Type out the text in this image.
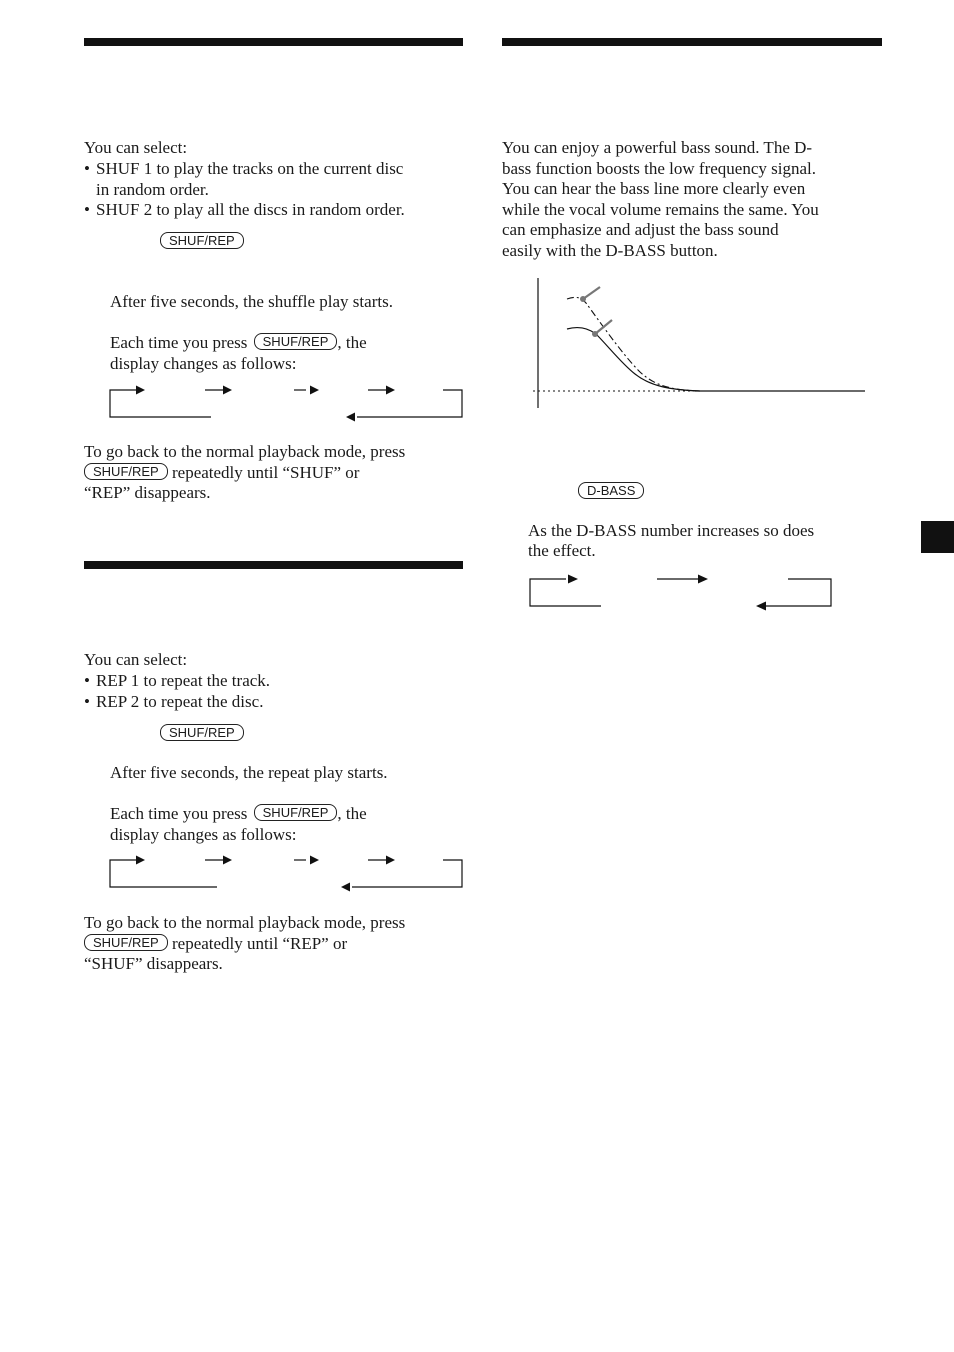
You can select:

• SHUF 1 to play the tracks on the current disc
in random order.
• SHUF 2 to play all the discs in random order.
SHUF/REP

After five seconds, the shuffle play starts.

Each time you press SHUF/REP , the

display changes as follows:

To go back to the normal playback mode, press

SHUF/REP repeatedly until “SHUF” or

“REP” disappears.

You can select:

• REP 1 to repeat the track.
• REP 2 to repeat the disc.
SHUF/REP

After five seconds, the repeat play starts.

Each time you press SHUF/REP , the

display changes as follows:

To go back to the normal playback mode, press

SHUF/REP repeatedly until “REP” or

“SHUF” disappears.

You can enjoy a powerful bass sound. The D-

bass function boosts the low frequency signal.

You can hear the bass line more clearly even

while the vocal volume remains the same. You

can emphasize and adjust the bass sound

easily with the D-BASS button.

D-BASS

As the D-BASS number increases so does

the effect.
